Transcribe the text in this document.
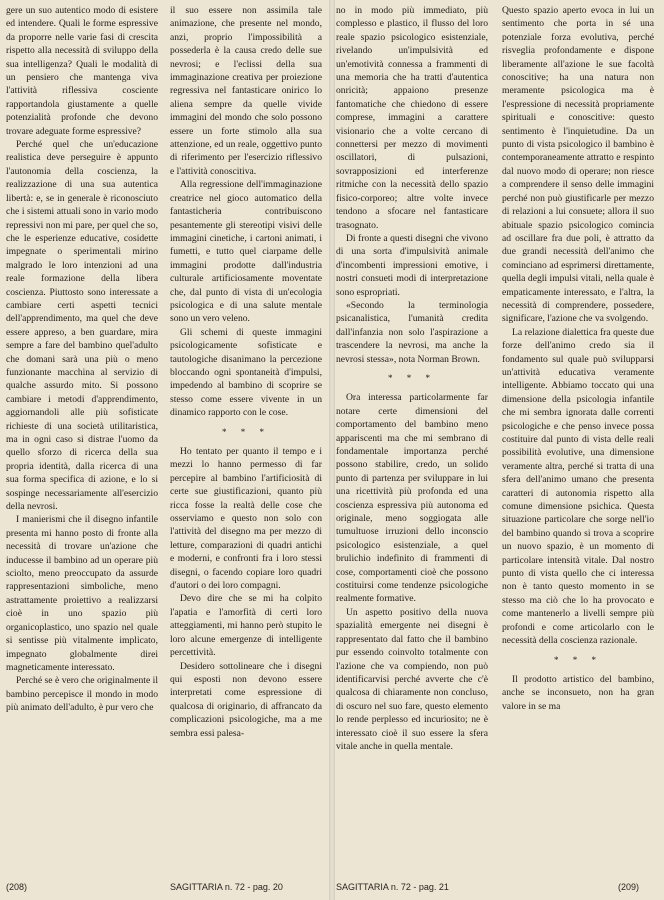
gere un suo autentico modo di esistere ed intendere. Quali le forme espressive da proporre nelle varie fasi di crescita rispetto alla necessità di sviluppo della sua intelligenza? Quali le modalità di un pensiero che mantenga viva l'attività riflessiva cosciente rapportandola giustamente a quelle potenzialità profonde che devono trovare adeguate forme espressive?

Perché quel che un'educazione realistica deve perseguire è appunto l'autonomia della coscienza, la realizzazione di una sua autentica libertà: e, se in generale è riconosciuto che i sistemi attuali sono in vario modo repressivi non mi pare, per quel che so, che le esperienze educative, cosidette impegnate o sperimentali mirino malgrado le loro intenzioni ad una reale formazione della libera coscienza. Piuttosto sono interessate a cambiare certi aspetti tecnici dell'apprendimento, ma quel che deve essere appreso, a ben guardare, mira sempre a fare del bambino quel'adulto che domani sarà una più o meno funzionante macchina al servizio di qualche assurdo mito. Si possono cambiare i metodi d'apprendimento, aggiornandoli alle più sofisticate richieste di una società utilitaristica, ma in ogni caso si distrae l'uomo da quello sforzo di ricerca della sua propria identità, dalla ricerca di una sua forma specifica di azione, e lo si sospinge necessariamente all'esercizio della nevrosi.

I manierismi che il disegno infantile presenta mi hanno posto di fronte alla necessità di trovare un'azione che inducesse il bambino ad un operare più sciolto, meno preoccupato da assurde rappresentazioni simboliche, meno astrattamente proiettivo a realizzarsi cioè in uno spazio più organicoplastico, uno spazio nel quale si sentisse più vitalmente implicato, impegnato globalmente direi magneticamente interessato.

Perché se è vero che originalmente il bambino percepisce il mondo in modo più animato dell'adulto, è pur vero che

il suo essere non assimila tale animazione, che presente nel mondo, anzi, proprio l'impossibilità a possederla è la causa credo delle sue nevrosi; e l'eclissi della sua immaginazione creativa per proiezione regressiva nel fantasticare onirico lo aliena sempre da quelle vivide immagini del mondo che solo possono essere un forte stimolo alla sua attenzione, ed un reale, oggettivo punto di riferimento per l'esercizio riflessivo e l'attività conoscitiva.

Alla regressione dell'immaginazione creatrice nel gioco automatico della fantasticheria contribuiscono pesantemente gli stereotipi visivi delle immagini cinetiche, i cartoni animati, i fumetti, e tutto quel ciarpame delle immagini prodotte dall'industria culturale artificiosamente moventate che, dal punto di vista di un'ecologia psicologica e di una salute mentale sono un vero veleno.

Gli schemi di queste immagini psicologicamente sofisticate e tautologiche disanimano la percezione bloccando ogni spontaneità d'impulsi, impedendo al bambino di scoprire se stesso come essere vivente in un dinamico rapporto con le cose.

* * *

Ho tentato per quanto il tempo e i mezzi lo hanno permesso di far percepire al bambino l'artificiosità di certe sue giustificazioni, quanto più ricca fosse la realtà delle cose che osserviamo e questo non solo con l'attività del disegno ma per mezzo di letture, comparazioni di quadri antichi e moderni, e confronti fra i loro stessi disegni, o facendo copiare loro quadri d'autori o dei loro compagni.

Devo dire che se mi ha colpito l'apatia e l'amorfità di certi loro atteggiamenti, mi hanno però stupito le loro alcune emergenze di intelligente percettività.

Desidero sottolineare che i disegni qui esposti non devono essere interpretati come espressione di qualcosa di originario, di affrancato da complicazioni psicologiche, ma a me sembra essi palesa-

(208)	SAGITTARIA n. 72 - pag. 20

no in modo più immediato, più complesso e plastico, il flusso del loro reale spazio psicologico esistenziale, rivelando un'impulsività ed un'emotività connessa a frammenti di una memoria che ha tratti d'autentica onricità; appaiono presenze fantomatiche che chiedono di essere comprese, immagini a carattere visionario che a volte cercano di connettersi per mezzo di movimenti oscillatori, di pulsazioni, sovrapposizioni ed interferenze ritmiche con la necessità dello spazio fisico-corporeo; altre volte invece tendono a sfocare nel fantasticare trasognato.

Di fronte a questi disegni che vivono di una sorta d'impulsività animale d'incombenti impressioni emotive, i nostri consueti modi di interpretazione sono espropriati.

«Secondo la terminologia psicanalistica, l'umanità credita dall'infanzia non solo l'aspirazione a trascendere la nevrosi, ma anche la nevrosi stessa», nota Norman Brown.

* * *

Ora interessa particolarmente far notare certe dimensioni del comportamento del bambino meno appariscenti ma che mi sembrano di fondamentale importanza perché possono stabilire, credo, un solido punto di partenza per sviluppare in lui una ricettività più profonda ed una coscienza espressiva più autonoma ed originale, meno soggiogata alle tumultuose irruzioni dello inconscio psicologico esistenziale, a quel brulichio indefinito di frammenti di cose, comportamenti cioè che possono costituirsi come tendenze psicologiche realmente formative.

Un aspetto positivo della nuova spazialità emergente nei disegni è rappresentato dal fatto che il bambino pur essendo coinvolto totalmente con l'azione che va compiendo, non può identificarvisi perché avverte che c'è qualcosa di chiaramente non concluso, di oscuro nel suo fare, questo elemento lo rende perplesso ed incuriosito; ne è interessato cioè il suo essere la sfera vitale anche in quella mentale.

Questo spazio aperto evoca in lui un sentimento che porta in sé una potenziale forza evolutiva, perché risveglia profondamente e dispone liberamente all'azione le sue facoltà conoscitive; ha una natura non meramente psicologica ma è l'espressione di necessità propriamente spirituali e conoscitive: questo sentimento è l'inquietudine. Da un punto di vista psicologico il bambino è contemporaneamente attratto e respinto dal nuovo modo di operare; non riesce a comprendere il senso delle immagini perché non può giustificarle per mezzo di relazioni a lui consuete; allora il suo abituale spazio psicologico comincia ad oscillare fra due poli, è attratto da due grandi necessità dell'animo che cominciano ad esprimersi direttamente, quella degli impulsi vitali, nella quale è empaticamente interessato, e l'altra, la necessità di comprendere, possedere, significare, l'azione che va svolgendo.

La relazione dialettica fra queste due forze dell'animo credo sia il fondamento sul quale può svilupparsi un'attività educativa veramente intelligente. Abbiamo toccato qui una dimensione della psicologia infantile che mi sembra ignorata dalle correnti psicologiche e che penso invece possa costituire dal punto di vista delle reali possibilità evolutive, una dimensione veramente altra, perché si tratta di una sfera dell'animo umano che presenta caratteri di autonomia rispetto alla comune dimensione psichica. Questa situazione particolare che sorge nell'io del bambino quando si trova a scoprire un nuovo spazio, è un momento di particolare intensità vitale. Dal nostro punto di vista quello che ci interessa non è tanto questo momento in se stesso ma ciò che lo ha provocato e come mantenerlo a livelli sempre più profondi e come articolarlo con le necessità della coscienza razionale.

* * *

Il prodotto artistico del bambino, anche se inconsueto, non ha gran valore in se ma

SAGITTARIA n. 72 - pag. 21	(209)
